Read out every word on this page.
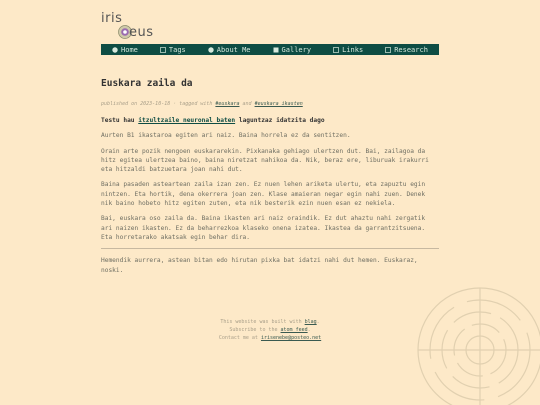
iris
eus
Home	Tags	About Me	Gallery	Links	Research
Euskara zaila da
published on 2023-10-18 · tagged with #euskara and #euskara ikasten

Testu hau itzultzaile neuronal baten laguntzaz idatzita dago

Aurten B1 ikastaroa egiten ari naiz. Baina horrela ez da sentitzen.

Orain arte pozik nengoen euskararekin. Pixkanaka gehiago ulertzen dut. Bai, zailagoa da hitz egitea ulertzea baino, baina niretzat nahikoa da. Nik, beraz ere, liburuak irakurri eta hitzaldi batzuetara joan nahi dut.

Baina pasaden asteartean zaila izan zen. Ez nuen lehen ariketa ulertu, eta zapuztu egin nintzen. Eta hortik, dena okerrera joan zen. Klase amaieran negar egin nahi zuen. Denek nik baino hobeto hitz egiten zuten, eta nik besterik ezin nuen esan ez nekiela.

Bai, euskara oso zaila da. Baina ikasten ari naiz oraindik. Ez dut ahaztu nahi zergatik ari naizen ikasten. Ez da beharrezkoa klaseko onena izatea. Ikastea da garrantzitsuena. Eta horretarako akatsak egin behar dira.

Hemendik aurrera, astean bitan edo hirutan pixka bat idatzi nahi dut hemen. Euskaraz, noski.

This website was built with blag.
Subscribe to the atom feed.
Contact me at irisenebe@posteo.net
